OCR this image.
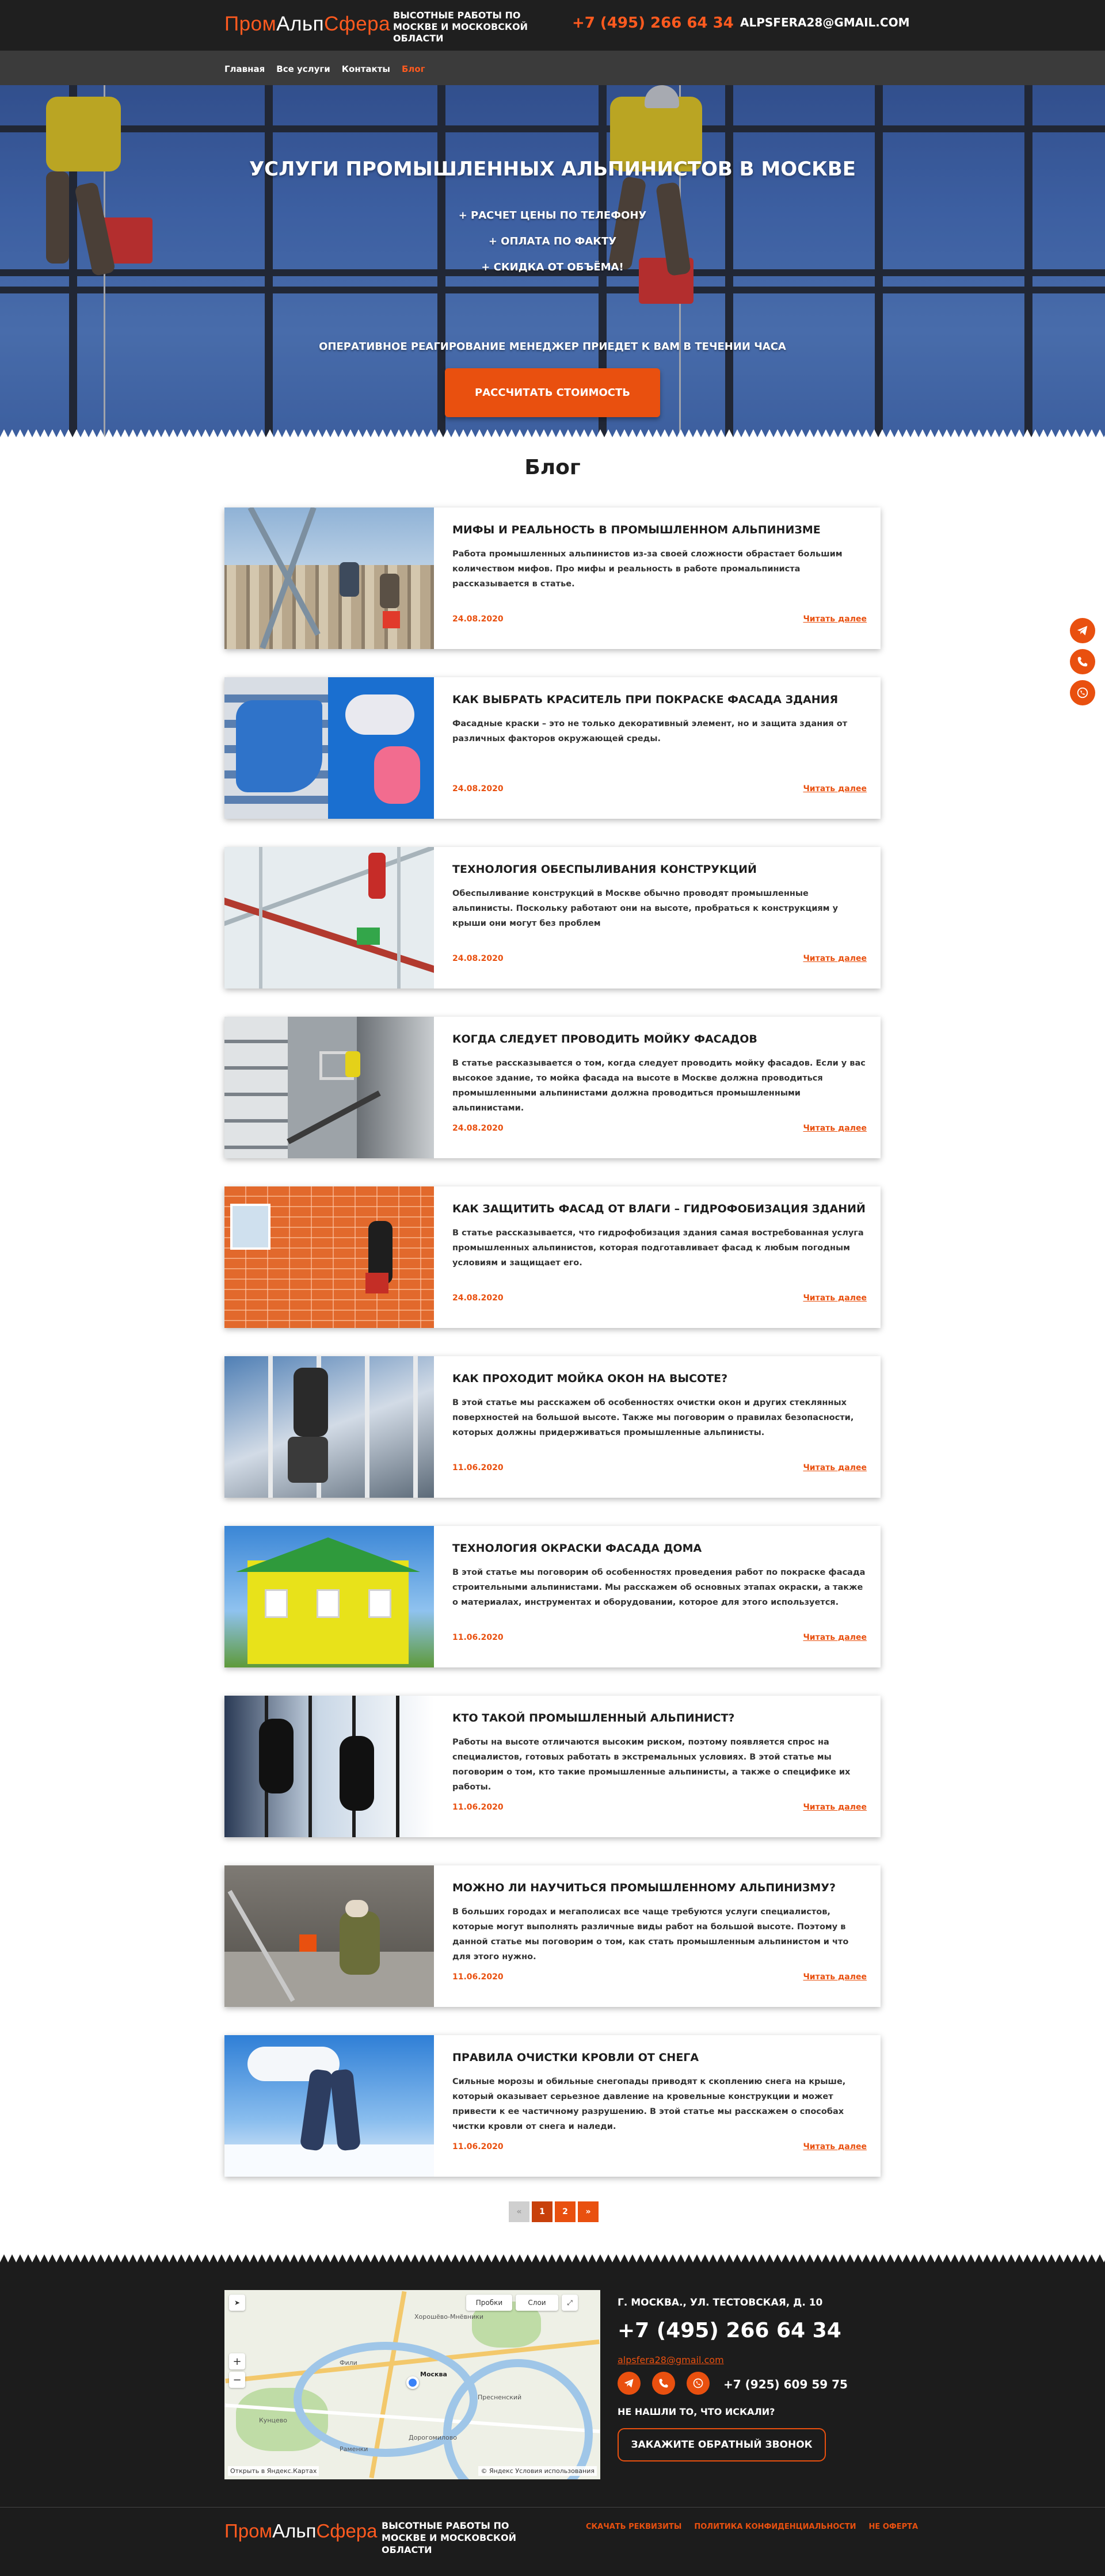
ПромАльпСфера ВЫСОТНЫЕ РАБОТЫ ПО МОСКВЕ И МОСКОВСКОЙ ОБЛАСТИ
+7 (495) 266 64 34 ALPSFERA28@GMAIL.COM
Главная Все услуги Контакты Блог
УСЛУГИ ПРОМЫШЛЕННЫХ АЛЬПИНИСТОВ В МОСКВЕ
+ РАСЧЕТ ЦЕНЫ ПО ТЕЛЕФОНУ
+ ОПЛАТА ПО ФАКТУ
+ СКИДКА ОТ ОБЪЁМА!
ОПЕРАТИВНОЕ РЕАГИРОВАНИЕ МЕНЕДЖЕР ПРИЕДЕТ К ВАМ В ТЕЧЕНИИ ЧАСА
РАССЧИТАТЬ СТОИМОСТЬ
Блог
МИФЫ И РЕАЛЬНОСТЬ В ПРОМЫШЛЕННОМ АЛЬПИНИЗМЕ
Работа промышленных альпинистов из-за своей сложности обрастает большим количеством мифов. Про мифы и реальность в работе промальпиниста рассказывается в статье.
24.08.2020	Читать далее
КАК ВЫБРАТЬ КРАСИТЕЛЬ ПРИ ПОКРАСКЕ ФАСАДА ЗДАНИЯ
Фасадные краски – это не только декоративный элемент, но и защита здания от различных факторов окружающей среды.
24.08.2020	Читать далее
ТЕХНОЛОГИЯ ОБЕСПЫЛИВАНИЯ КОНСТРУКЦИЙ
Обеспыливание конструкций в Москве обычно проводят промышленные альпинисты. Поскольку работают они на высоте, пробраться к конструкциям у крыши они могут без проблем
24.08.2020	Читать далее
КОГДА СЛЕДУЕТ ПРОВОДИТЬ МОЙКУ ФАСАДОВ
В статье рассказывается о том, когда следует проводить мойку фасадов. Если у вас высокое здание, то мойка фасада на высоте в Москве должна проводиться промышленными альпинистами должна проводиться промышленными альпинистами.
24.08.2020	Читать далее
КАК ЗАЩИТИТЬ ФАСАД ОТ ВЛАГИ – ГИДРОФОБИЗАЦИЯ ЗДАНИЙ
В статье рассказывается, что гидрофобизация здания самая востребованная услуга промышленных альпинистов, которая подготавливает фасад к любым погодным условиям и защищает его.
24.08.2020	Читать далее
КАК ПРОХОДИТ МОЙКА ОКОН НА ВЫСОТЕ?
В этой статье мы расскажем об особенностях очистки окон и других стеклянных поверхностей на большой высоте. Также мы поговорим о правилах безопасности, которых должны придерживаться промышленные альпинисты.
11.06.2020	Читать далее
ТЕХНОЛОГИЯ ОКРАСКИ ФАСАДА ДОМА
В этой статье мы поговорим об особенностях проведения работ по покраске фасада строительными альпинистами. Мы расскажем об основных этапах окраски, а также о материалах, инструментах и оборудовании, которое для этого используется.
11.06.2020	Читать далее
КТО ТАКОЙ ПРОМЫШЛЕННЫЙ АЛЬПИНИСТ?
Работы на высоте отличаются высоким риском, поэтому появляется спрос на специалистов, готовых работать в экстремальных условиях. В этой статье мы поговорим о том, кто такие промышленные альпинисты, а также о специфике их работы.
11.06.2020	Читать далее
МОЖНО ЛИ НАУЧИТЬСЯ ПРОМЫШЛЕННОМУ АЛЬПИНИЗМУ?
В больших городах и мегаполисах все чаще требуются услуги специалистов, которые могут выполнять различные виды работ на большой высоте. Поэтому в данной статье мы поговорим о том, как стать промышленным альпинистом и что для этого нужно.
11.06.2020	Читать далее
ПРАВИЛА ОЧИСТКИ КРОВЛИ ОТ СНЕГА
Сильные морозы и обильные снегопады приводят к скоплению снега на крыше, который оказывает серьезное давление на кровельные конструкции и может привести к ее частичному разрушению. В этой статье мы расскажем о способах чистки кровли от снега и наледи.
11.06.2020	Читать далее
«	1	2	»
➤
+
−
Пробки	Слои	⤢
Москва
Хорошёво-Мнёвники
Пресненский
Кунцево
Фили
Дорогомилово
Раменки
Открыть в Яндекс.Картах	© Яндекс Условия использования
Г. МОСКВА., УЛ. ТЕСТОВСКАЯ, Д. 10
+7 (495) 266 64 34
alpsfera28@gmail.com
+7 (925) 609 59 75
НЕ НАШЛИ ТО, ЧТО ИСКАЛИ?
ЗАКАЖИТЕ ОБРАТНЫЙ ЗВОНОК
ПромАльпСфера ВЫСОТНЫЕ РАБОТЫ ПО МОСКВЕ И МОСКОВСКОЙ ОБЛАСТИ
СКАЧАТЬ РЕКВИЗИТЫ ПОЛИТИКА КОНФИДЕНЦИАЛЬНОСТИ НЕ ОФЕРТА
